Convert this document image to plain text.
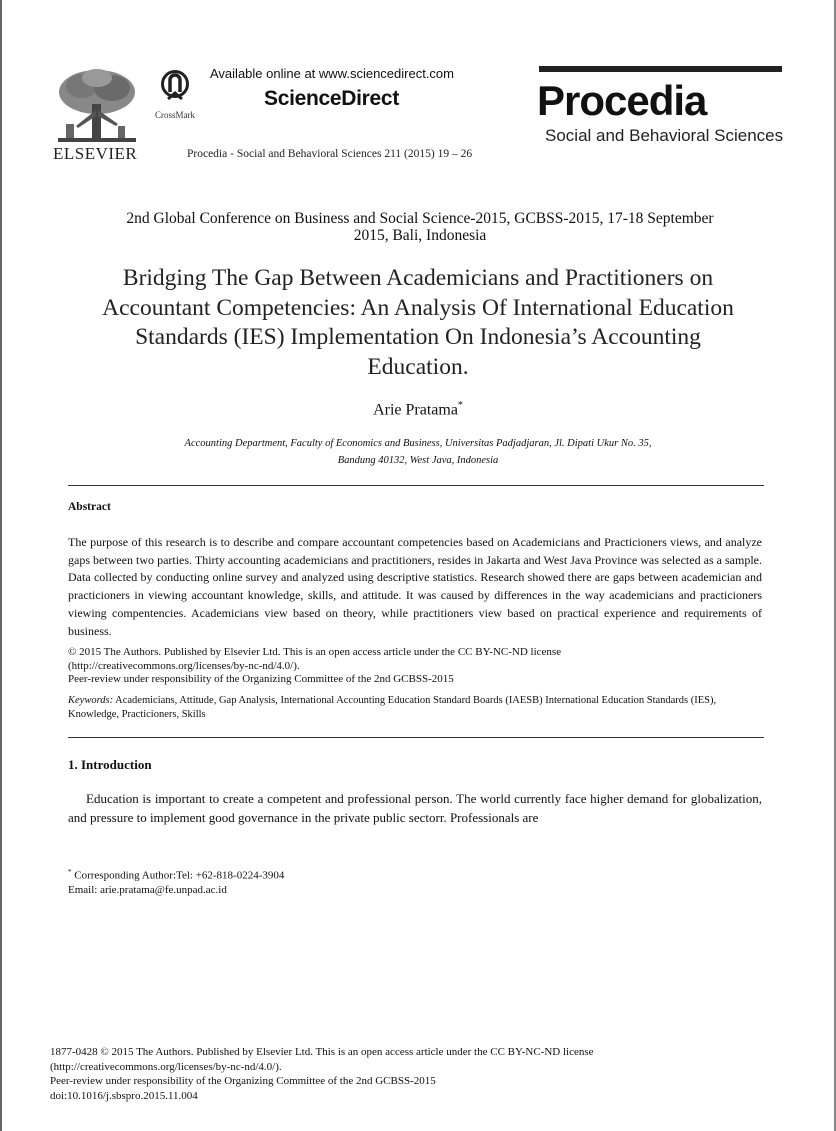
ELSEVIER
CrossMark
Available online at www.sciencedirect.com
ScienceDirect
Procedia - Social and Behavioral Sciences 211 (2015) 19 – 26
Procedia
Social and Behavioral Sciences
2nd Global Conference on Business and Social Science-2015, GCBSS-2015, 17-18 September
2015, Bali, Indonesia
Bridging The Gap Between Academicians and Practitioners on
Accountant Competencies: An Analysis Of International Education
Standards (IES) Implementation On Indonesia’s Accounting
Education.
Arie Pratama*
Accounting Department, Faculty of Economics and Business, Universitas Padjadjaran, Jl. Dipati Ukur No. 35,
Bandung 40132, West Java, Indonesia
Abstract
The purpose of this research is to describe and compare accountant competencies based on Academicians and Practicioners views, and analyze gaps between two parties. Thirty accounting academicians and practitioners, resides in Jakarta and West Java Province was selected as a sample. Data collected by conducting online survey and analyzed using descriptive statistics. Research showed there are gaps between academician and practicioners in viewing accountant knowledge, skills, and attitude. It was caused by differences in the way academicians and practicioners viewing compentencies. Academicians view based on theory, while practitioners view based on practical experience and requirements of business.
© 2015 The Authors. Published by Elsevier Ltd. This is an open access article under the CC BY-NC-ND license
(http://creativecommons.org/licenses/by-nc-nd/4.0/).
Peer-review under responsibility of the Organizing Committee of the 2nd GCBSS-2015
Keywords: Academicians, Attitude, Gap Analysis, International Accounting Education Standard Boards (IAESB) International Education Standards (IES), Knowledge, Practicioners, Skills
1. Introduction
Education is important to create a competent and professional person. The world currently face higher demand for globalization, and pressure to implement good governance in the private public sectorr. Professionals are
* Corresponding Author:Tel: +62-818-0224-3904
Email: arie.pratama@fe.unpad.ac.id
1877-0428 © 2015 The Authors. Published by Elsevier Ltd. This is an open access article under the CC BY-NC-ND license
(http://creativecommons.org/licenses/by-nc-nd/4.0/).
Peer-review under responsibility of the Organizing Committee of the 2nd GCBSS-2015
doi:10.1016/j.sbspro.2015.11.004
